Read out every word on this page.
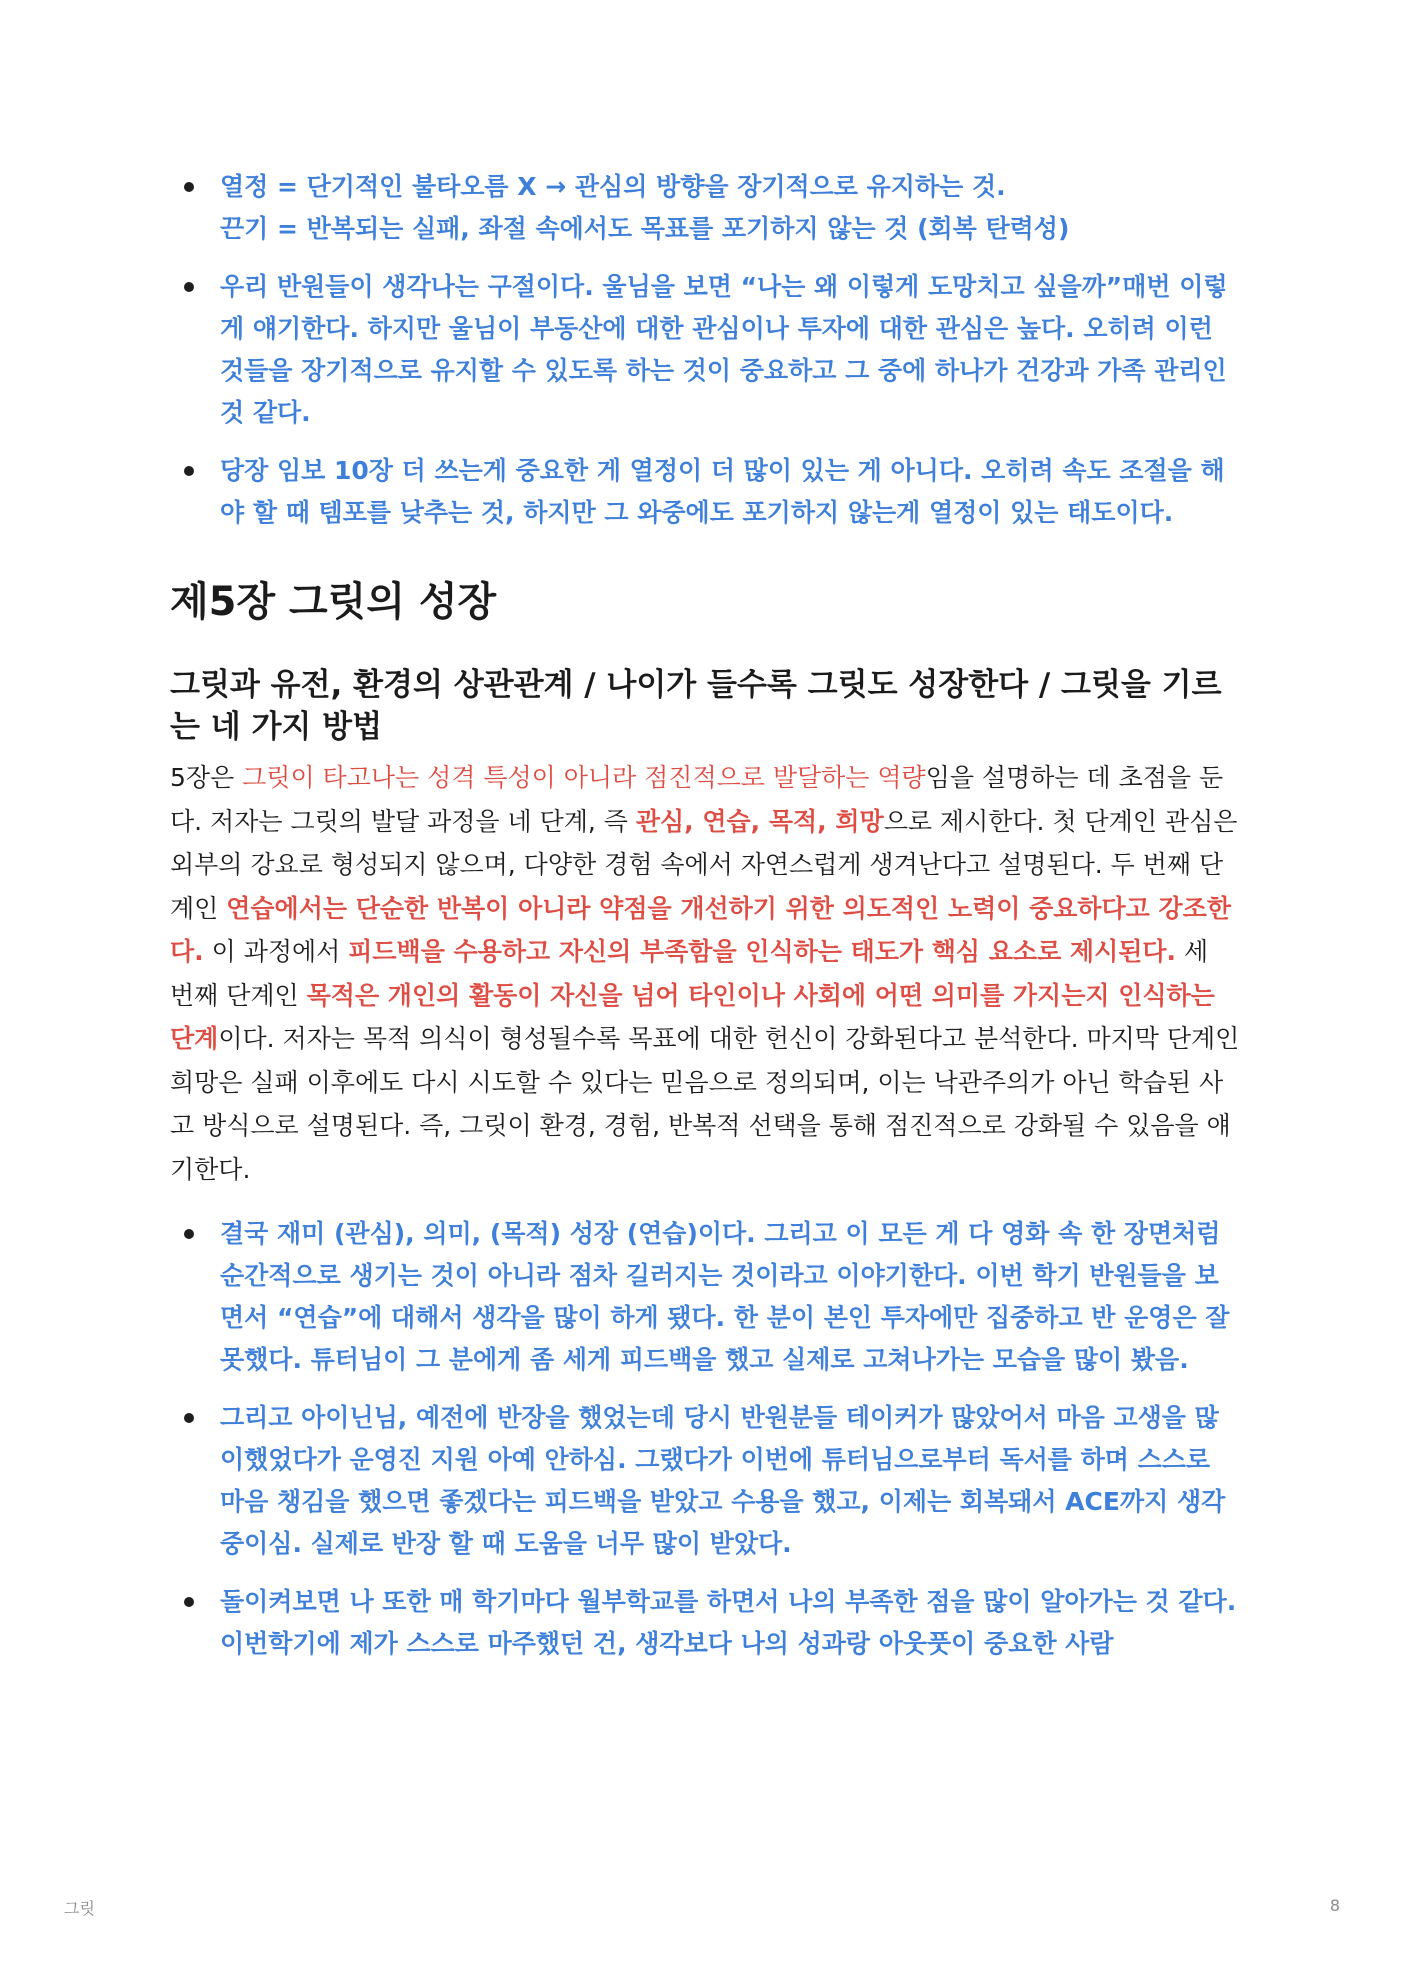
열정 = 단기적인 불타오름 X → 관심의 방향을 장기적으로 유지하는 것.
끈기 = 반복되는 실패, 좌절 속에서도 목표를 포기하지 않는 것 (회복 탄력성)
우리 반원들이 생각나는 구절이다. 울님을 보면 “나는 왜 이렇게 도망치고 싶을까”매번 이렇게 얘기한다. 하지만 울님이 부동산에 대한 관심이나 투자에 대한 관심은 높다. 오히려 이런 것들을 장기적으로 유지할 수 있도록 하는 것이 중요하고 그 중에 하나가 건강과 가족 관리인 것 같다.
당장 임보 10장 더 쓰는게 중요한 게 열정이 더 많이 있는 게 아니다. 오히려 속도 조절을 해야 할 때 템포를 낮추는 것, 하지만 그 와중에도 포기하지 않는게 열정이 있는 태도이다.
제5장 그릿의 성장
그릿과 유전, 환경의 상관관계 / 나이가 들수록 그릿도 성장한다 / 그릿을 기르는 네 가지 방법

5장은 그릿이 타고나는 성격 특성이 아니라 점진적으로 발달하는 역량임을 설명하는 데 초점을 둔다. 저자는 그릿의 발달 과정을 네 단계, 즉 관심, 연습, 목적, 희망으로 제시한다. 첫 단계인 관심은 외부의 강요로 형성되지 않으며, 다양한 경험 속에서 자연스럽게 생겨난다고 설명된다. 두 번째 단계인 연습에서는 단순한 반복이 아니라 약점을 개선하기 위한 의도적인 노력이 중요하다고 강조한다. 이 과정에서 피드백을 수용하고 자신의 부족함을 인식하는 태도가 핵심 요소로 제시된다. 세 번째 단계인 목적은 개인의 활동이 자신을 넘어 타인이나 사회에 어떤 의미를 가지는지 인식하는 단계이다. 저자는 목적 의식이 형성될수록 목표에 대한 헌신이 강화된다고 분석한다. 마지막 단계인 희망은 실패 이후에도 다시 시도할 수 있다는 믿음으로 정의되며, 이는 낙관주의가 아닌 학습된 사고 방식으로 설명된다. 즉, 그릿이 환경, 경험, 반복적 선택을 통해 점진적으로 강화될 수 있음을 얘기한다.

결국 재미 (관심), 의미, (목적) 성장 (연습)이다. 그리고 이 모든 게 다 영화 속 한 장면처럼 순간적으로 생기는 것이 아니라 점차 길러지는 것이라고 이야기한다. 이번 학기 반원들을 보면서 “연습”에 대해서 생각을 많이 하게 됐다. 한 분이 본인 투자에만 집중하고 반 운영은 잘 못했다. 튜터님이 그 분에게 좀 세게 피드백을 했고 실제로 고쳐나가는 모습을 많이 봤음.
그리고 아이닌님, 예전에 반장을 했었는데 당시 반원분들 테이커가 많았어서 마음 고생을 많이했었다가 운영진 지원 아예 안하심. 그랬다가 이번에 튜터님으로부터 독서를 하며 스스로 마음 챙김을 했으면 좋겠다는 피드백을 받았고 수용을 했고, 이제는 회복돼서 ACE까지 생각중이심. 실제로 반장 할 때 도움을 너무 많이 받았다.
돌이켜보면 나 또한 매 학기마다 월부학교를 하면서 나의 부족한 점을 많이 알아가는 것 같다. 이번학기에 제가 스스로 마주했던 건, 생각보다 나의 성과랑 아웃풋이 중요한 사람
그릿	8
